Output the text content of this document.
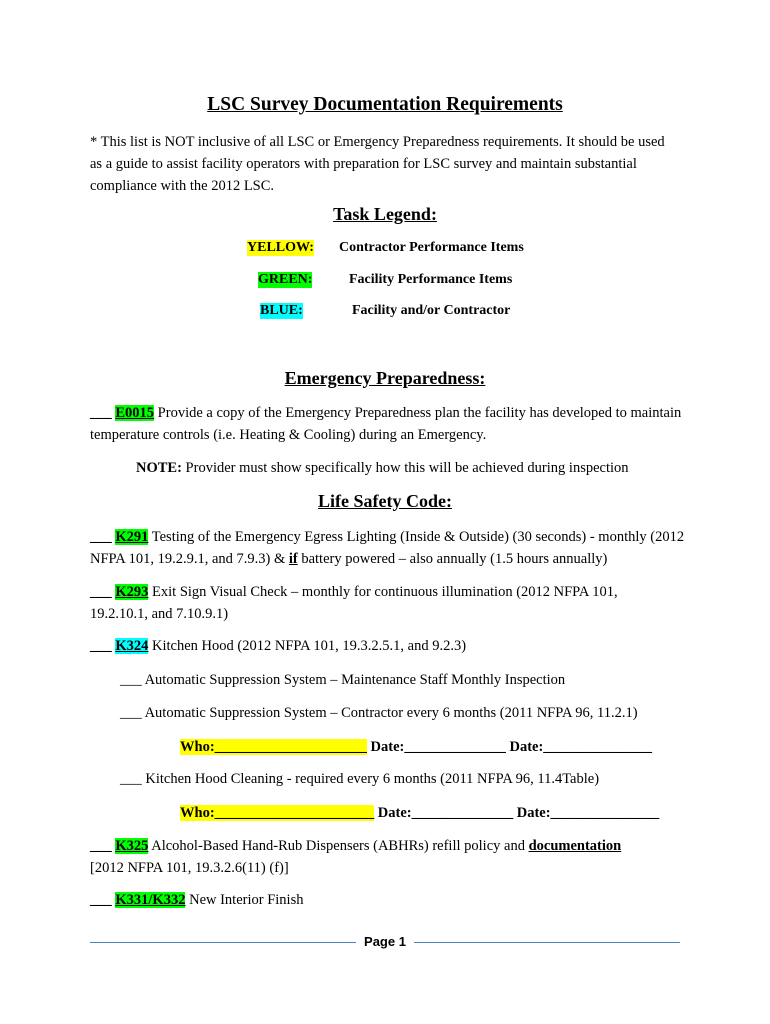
LSC Survey Documentation Requirements
* This list is NOT inclusive of all LSC or Emergency Preparedness requirements. It should be used as a guide to assist facility operators with preparation for LSC survey and maintain substantial compliance with the 2012 LSC.
Task Legend:
YELLOW: Contractor Performance Items
GREEN:	Facility Performance Items
BLUE:	Facility and/or Contractor
Emergency Preparedness:
___ E0015 Provide a copy of the Emergency Preparedness plan the facility has developed to maintain temperature controls (i.e. Heating & Cooling) during an Emergency.
NOTE: Provider must show specifically how this will be achieved during inspection
Life Safety Code:
___ K291 Testing of the Emergency Egress Lighting (Inside & Outside) (30 seconds) - monthly (2012 NFPA 101, 19.2.9.1, and 7.9.3) & if battery powered – also annually (1.5 hours annually)
___ K293 Exit Sign Visual Check – monthly for continuous illumination (2012 NFPA 101, 19.2.10.1, and 7.10.9.1)
___ K324 Kitchen Hood (2012 NFPA 101, 19.3.2.5.1, and 9.2.3)
___ Automatic Suppression System – Maintenance Staff Monthly Inspection
___ Automatic Suppression System – Contractor every 6 months (2011 NFPA 96, 11.2.1)
Who:_____________________ Date:______________ Date:_______________
___ Kitchen Hood Cleaning - required every 6 months (2011 NFPA 96, 11.4Table)
Who:______________________ Date:______________ Date:_______________
___ K325 Alcohol-Based Hand-Rub Dispensers (ABHRs) refill policy and documentation
[2012 NFPA 101, 19.3.2.6(11) (f)]
___ K331/K332 New Interior Finish
Page 1
